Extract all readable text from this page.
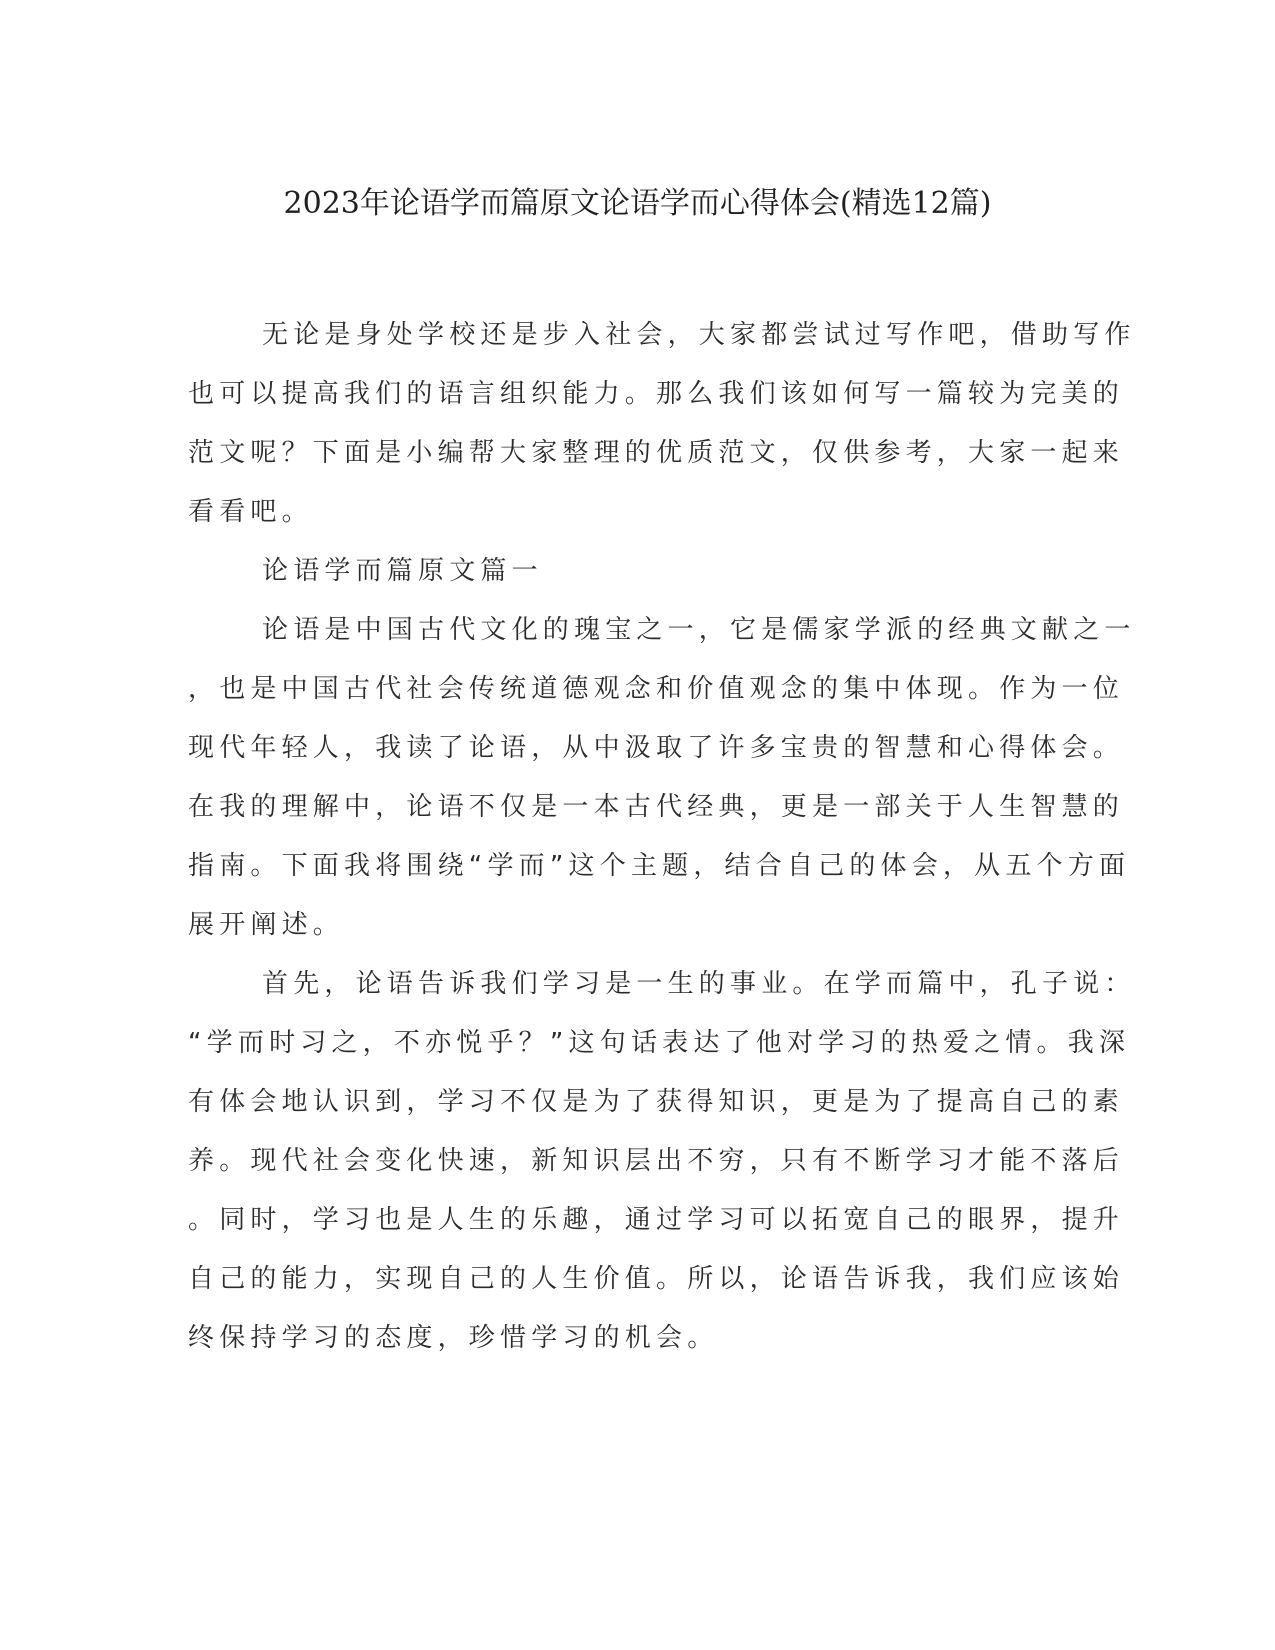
2023年论语学而篇原文论语学而心得体会(精选12篇)
无论是身处学校还是步入社会，大家都尝试过写作吧，借助写作
也可以提高我们的语言组织能力。那么我们该如何写一篇较为完美的
范文呢？下面是小编帮大家整理的优质范文，仅供参考，大家一起来
看看吧。
论语学而篇原文篇一
论语是中国古代文化的瑰宝之一，它是儒家学派的经典文献之一
，也是中国古代社会传统道德观念和价值观念的集中体现。作为一位
现代年轻人，我读了论语，从中汲取了许多宝贵的智慧和心得体会。
在我的理解中，论语不仅是一本古代经典，更是一部关于人生智慧的
指南。下面我将围绕“学而”这个主题，结合自己的体会，从五个方面
展开阐述。
首先，论语告诉我们学习是一生的事业。在学而篇中，孔子说：
“学而时习之，不亦悦乎？”这句话表达了他对学习的热爱之情。我深
有体会地认识到，学习不仅是为了获得知识，更是为了提高自己的素
养。现代社会变化快速，新知识层出不穷，只有不断学习才能不落后
。同时，学习也是人生的乐趣，通过学习可以拓宽自己的眼界，提升
自己的能力，实现自己的人生价值。所以，论语告诉我，我们应该始
终保持学习的态度，珍惜学习的机会。
